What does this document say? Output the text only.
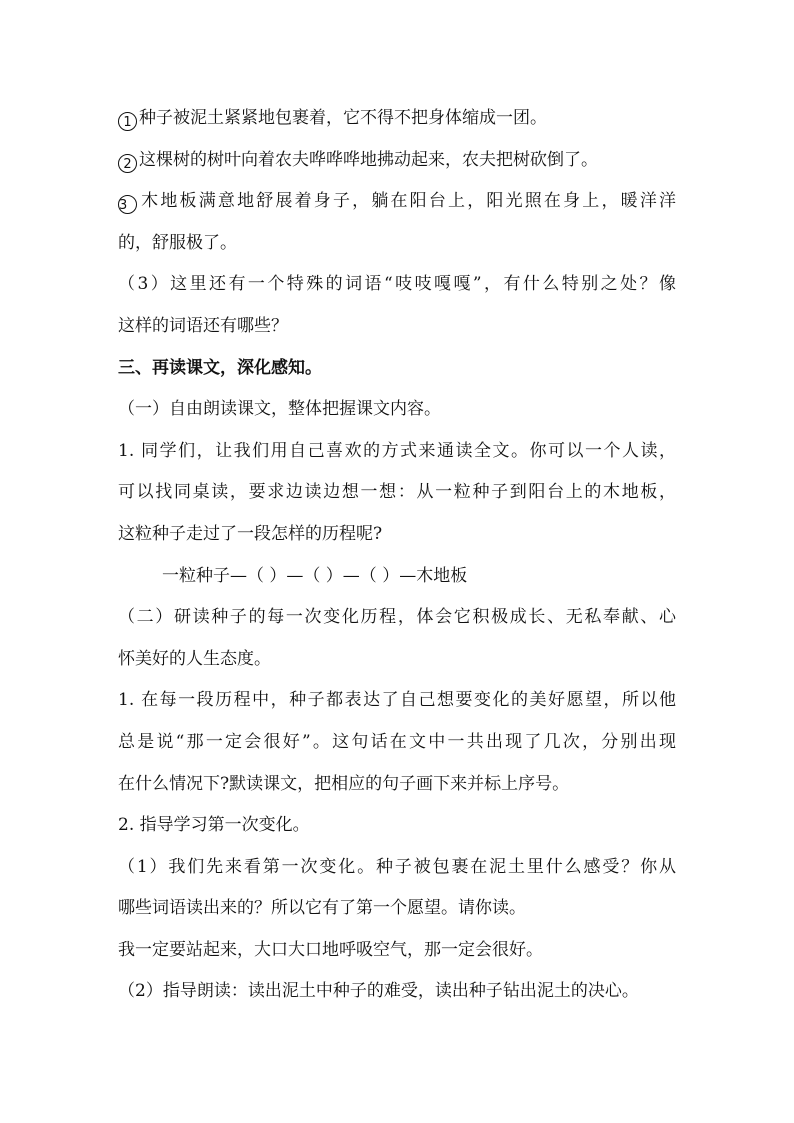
1 种子被泥土紧紧地包裹着，它不得不把身体缩成一团。
2 这棵树的树叶向着农夫哗哗哗地拂动起来，农夫把树砍倒了。
3 木地板满意地舒展着身子，躺在阳台上，阳光照在身上，暖洋洋
的，舒服极了。
（3）这里还有一个特殊的词语“吱吱嘎嘎”，有什么特别之处？像
这样的词语还有哪些？
三、再读课文，深化感知。
（一）自由朗读课文，整体把握课文内容。
1. 同学们，让我们用自己喜欢的方式来通读全文。你可以一个人读，
可以找同桌读，要求边读边想一想：从一粒种子到阳台上的木地板，
这粒种子走过了一段怎样的历程呢?
一粒种子—（ ）—（ ）—（ ）—木地板
（二）研读种子的每一次变化历程，体会它积极成长、无私奉献、心
怀美好的人生态度。
1. 在每一段历程中，种子都表达了自己想要变化的美好愿望，所以他
总是说“那一定会很好”。这句话在文中一共出现了几次，分别出现
在什么情况下?默读课文，把相应的句子画下来并标上序号。
2. 指导学习第一次变化。
（1）我们先来看第一次变化。种子被包裹在泥土里什么感受？你从
哪些词语读出来的？所以它有了第一个愿望。请你读。
我一定要站起来，大口大口地呼吸空气，那一定会很好。
（2）指导朗读：读出泥土中种子的难受，读出种子钻出泥土的决心。
